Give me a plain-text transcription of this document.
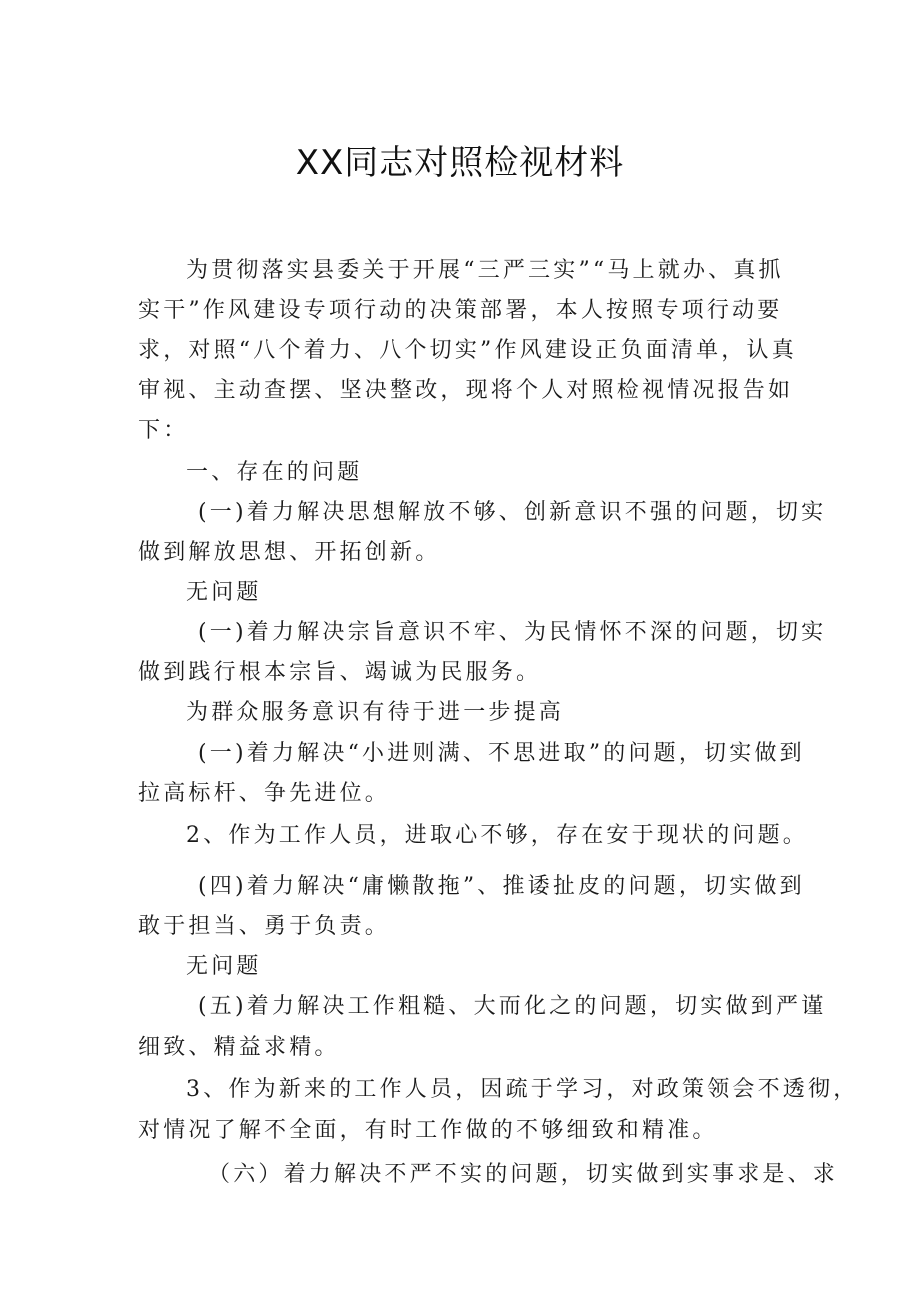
XX同志对照检视材料
为贯彻落实县委关于开展“三严三实”“马上就办、真抓
实干”作风建设专项行动的决策部署，本人按照专项行动要
求，对照“八个着力、八个切实”作风建设正负面清单，认真
审视、主动查摆、坚决整改，现将个人对照检视情况报告如
下：
一、存在的问题
(一)着力解决思想解放不够、创新意识不强的问题，切实
做到解放思想、开拓创新。
无问题
(一)着力解决宗旨意识不牢、为民情怀不深的问题，切实
做到践行根本宗旨、竭诚为民服务。
为群众服务意识有待于进一步提高
(一)着力解决“小进则满、不思进取”的问题，切实做到
拉高标杆、争先进位。
2、作为工作人员，进取心不够，存在安于现状的问题。
(四)着力解决“庸懒散拖”、推诿扯皮的问题，切实做到
敢于担当、勇于负责。
无问题
(五)着力解决工作粗糙、大而化之的问题，切实做到严谨
细致、精益求精。
3、作为新来的工作人员，因疏于学习，对政策领会不透彻，
对情况了解不全面，有时工作做的不够细致和精准。
（六）着力解决不严不实的问题，切实做到实事求是、求
